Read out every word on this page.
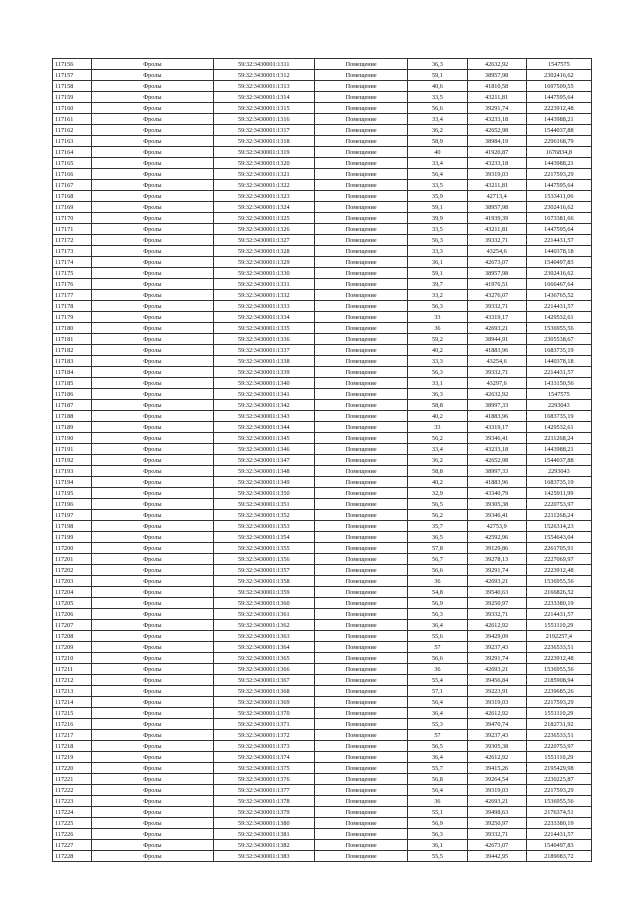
117156	Фролы	59:32:3430001:1311	Помещение	36,3	42632,92	1547575
117157	Фролы	59:32:3430001:1312	Помещение	59,1	38957,98	2302416,62
117158	Фролы	59:32:3430001:1313	Помещение	40,6	41810,58	1697509,55
117159	Фролы	59:32:3430001:1314	Помещение	33,5	43211,81	1447595,64
117160	Фролы	59:32:3430001:1315	Помещение	56,6	39291,74	2223912,48
117161	Фролы	59:32:3430001:1316	Помещение	33,4	43233,18	1443988,21
117162	Фролы	59:32:3430001:1317	Помещение	36,2	42652,98	1544037,88
117163	Фролы	59:32:3430001:1318	Помещение	58,9	38984,19	2296168,79
117164	Фролы	59:32:3430001:1319	Помещение	40	41920,87	1676834,8
117165	Фролы	59:32:3430001:1320	Помещение	33,4	43233,18	1443988,21
117166	Фролы	59:32:3430001:1321	Помещение	56,4	39319,03	2217593,29
117167	Фролы	59:32:3430001:1322	Помещение	33,5	43211,81	1447595,64
117168	Фролы	59:32:3430001:1323	Помещение	35,9	42713,4	1533411,06
117169	Фролы	59:32:3430001:1324	Помещение	59,1	38957,98	2302416,62
117170	Фролы	59:32:3430001:1325	Помещение	39,9	41939,39	1673381,66
117171	Фролы	59:32:3430001:1326	Помещение	33,5	43211,81	1447595,64
117172	Фролы	59:32:3430001:1327	Помещение	56,3	39332,71	2214431,57
117173	Фролы	59:32:3430001:1328	Помещение	33,3	43254,6	1440378,18
117174	Фролы	59:32:3430001:1329	Помещение	36,1	42673,07	1540497,83
117175	Фролы	59:32:3430001:1330	Помещение	59,1	38957,98	2302416,62
117176	Фролы	59:32:3430001:1331	Помещение	39,7	41976,51	1666467,64
117177	Фролы	59:32:3430001:1332	Помещение	33,2	43276,07	1436765,52
117178	Фролы	59:32:3430001:1333	Помещение	56,3	39332,71	2214431,57
117179	Фролы	59:32:3430001:1334	Помещение	33	43319,17	1429532,61
117180	Фролы	59:32:3430001:1335	Помещение	36	42693,21	1536955,56
117181	Фролы	59:32:3430001:1336	Помещение	59,2	38944,91	2305538,67
117182	Фролы	59:32:3430001:1337	Помещение	40,2	41883,96	1683735,19
117183	Фролы	59:32:3430001:1338	Помещение	33,3	43254,6	1440378,18
117184	Фролы	59:32:3430001:1339	Помещение	56,3	39332,71	2214431,57
117185	Фролы	59:32:3430001:1340	Помещение	33,1	43297,6	1433150,56
117186	Фролы	59:32:3430001:1341	Помещение	36,3	42632,92	1547575
117187	Фролы	59:32:3430001:1342	Помещение	58,8	38997,33	2293043
117188	Фролы	59:32:3430001:1343	Помещение	40,2	41883,96	1683735,19
117189	Фролы	59:32:3430001:1344	Помещение	33	43319,17	1429532,61
117190	Фролы	59:32:3430001:1345	Помещение	56,2	39346,41	2211268,24
117191	Фролы	59:32:3430001:1346	Помещение	33,4	43233,18	1443988,21
117192	Фролы	59:32:3430001:1347	Помещение	36,2	42652,98	1544037,88
117193	Фролы	59:32:3430001:1348	Помещение	58,8	38997,33	2293043
117194	Фролы	59:32:3430001:1349	Помещение	40,2	41883,96	1683735,19
117195	Фролы	59:32:3430001:1350	Помещение	32,9	43340,79	1425911,99
117196	Фролы	59:32:3430001:1351	Помещение	56,5	39305,38	2220753,97
117197	Фролы	59:32:3430001:1352	Помещение	56,2	39346,41	2211268,24
117198	Фролы	59:32:3430001:1353	Помещение	35,7	42753,9	1526314,23
117199	Фролы	59:32:3430001:1354	Помещение	36,5	42592,96	1554643,04
117200	Фролы	59:32:3430001:1355	Помещение	57,8	39129,86	2261705,91
117201	Фролы	59:32:3430001:1356	Помещение	56,7	39278,13	2227069,97
117202	Фролы	59:32:3430001:1357	Помещение	56,6	39291,74	2223912,48
117203	Фролы	59:32:3430001:1358	Помещение	36	42693,21	1536955,56
117204	Фролы	59:32:3430001:1359	Помещение	54,8	39540,63	2166826,52
117205	Фролы	59:32:3430001:1360	Помещение	56,9	39250,97	2233380,19
117206	Фролы	59:32:3430001:1361	Помещение	56,3	39332,71	2214431,57
117207	Фролы	59:32:3430001:1362	Помещение	36,4	42612,92	1551110,29
117208	Фролы	59:32:3430001:1363	Помещение	55,6	39429,09	2192257,4
117209	Фролы	59:32:3430001:1364	Помещение	57	39237,43	2236533,51
117210	Фролы	59:32:3430001:1365	Помещение	56,6	39291,74	2223912,48
117211	Фролы	59:32:3430001:1366	Помещение	36	42693,21	1536955,56
117212	Фролы	59:32:3430001:1367	Помещение	55,4	39456,84	2185908,94
117213	Фролы	59:32:3430001:1368	Помещение	57,1	39223,91	2239685,26
117214	Фролы	59:32:3430001:1369	Помещение	56,4	39319,03	2217593,29
117215	Фролы	59:32:3430001:1370	Помещение	36,4	42612,92	1551110,29
117216	Фролы	59:32:3430001:1371	Помещение	55,3	39470,74	2182731,92
117217	Фролы	59:32:3430001:1372	Помещение	57	39237,43	2236533,51
117218	Фролы	59:32:3430001:1373	Помещение	56,5	39305,38	2220753,97
117219	Фролы	59:32:3430001:1374	Помещение	36,4	42612,92	1551110,29
117220	Фролы	59:32:3430001:1375	Помещение	55,7	39415,26	2195429,98
117221	Фролы	59:32:3430001:1376	Помещение	56,8	39264,54	2230225,87
117222	Фролы	59:32:3430001:1377	Помещение	56,4	39319,03	2217593,29
117223	Фролы	59:32:3430001:1378	Помещение	36	42693,21	1536955,56
117224	Фролы	59:32:3430001:1379	Помещение	55,1	39498,63	2176374,51
117225	Фролы	59:32:3430001:1380	Помещение	56,9	39250,97	2233380,19
117226	Фролы	59:32:3430001:1381	Помещение	56,3	39332,71	2214431,57
117227	Фролы	59:32:3430001:1382	Помещение	36,1	42673,07	1540497,83
117228	Фролы	59:32:3430001:1383	Помещение	55,5	39442,95	2189083,72
